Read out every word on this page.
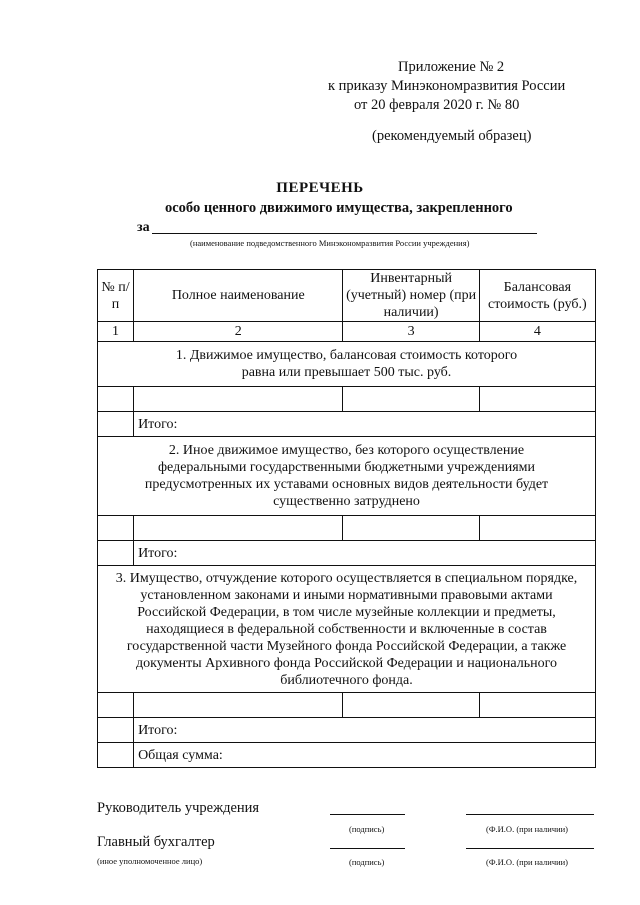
Приложение № 2
к приказу Минэкономразвития России
от 20 февраля 2020 г. № 80
(рекомендуемый образец)
ПЕРЕЧЕНЬ
особо ценного движимого имущества, закрепленного
за
(наименование подведомственного Минэкономразвития России учреждения)
№ п/п	Полное наименование	Инвентарный (учетный) номер (при наличии)	Балансовая стоимость (руб.)
1	2	3	4
1. Движимое имущество, балансовая стоимость которого равна или превышает 500 тыс. руб.			

	Итого:		
2. Иное движимое имущество, без которого осуществление федеральными государственными бюджетными учреждениями предусмотренных их уставами основных видов деятельности будет существенно затруднено			

	Итого:		
3. Имущество, отчуждение которого осуществляется в специальном порядке, установленном законами и иными нормативными правовыми актами Российской Федерации, в том числе музейные коллекции и предметы, находящиеся в федеральной собственности и включенные в состав государственной части Музейного фонда Российской Федерации, а также документы Архивного фонда Российской Федерации и национального библиотечного фонда.			

	Итого:		
	Общая сумма:		
Руководитель учреждения
(подпись)	(Ф.И.О. (при наличии)
Главный бухгалтер
(иное уполномоченное лицо)	(подпись)	(Ф.И.О. (при наличии)
